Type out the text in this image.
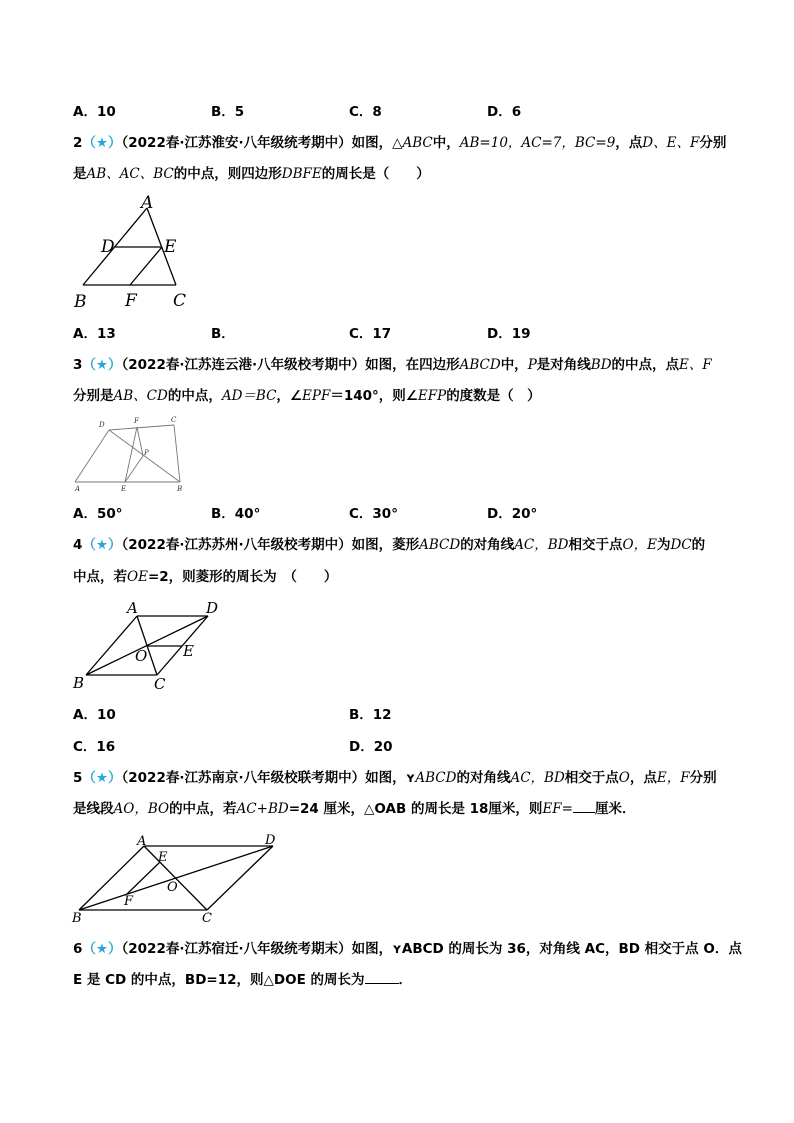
A．10	B．5	C．8	D．6
2（★）（2022春·江苏淮安·八年级统考期中）如图，△ABC中，AB=10，AC=7，BC=9，点D、E、F分别
是AB、AC、BC的中点，则四边形DBFE的周长是（　　）
A
D	E
B F C
A．13	B．	C．17	D．19
3（★）（2022春·江苏连云港·八年级校考期中）如图，在四边形ABCD中，P是对角线BD的中点，点E、F
分别是AB、CD的中点，AD＝BC，∠EPF＝140°，则∠EFP的度数是（　）
A	E	B
D	F	C
P
A．50°	B．40°	C．30°	D．20°
4（★）（2022春·江苏苏州·八年级校考期中）如图，菱形ABCD的对角线AC，BD相交于点O，E为DC的
中点，若OE=2，则菱形的周长为　（　　）
A	D
O E
B	C
A．10	B．12
C．16	D．20
5（★）（2022春·江苏南京·八年级校联考期中）如图，ʏABCD的对角线AC，BD相交于点O，点E，F分别
是线段AO，BO的中点，若AC+BD=24 厘米，△OAB 的周长是 18厘米，则EF= 厘米．
A	D
E
O
F
B	C
6（★）（2022春·江苏宿迁·八年级统考期末）如图，ʏABCD 的周长为 36，对角线 AC，BD 相交于点 O．点
E 是 CD 的中点，BD=12，则△DOE 的周长为	．
